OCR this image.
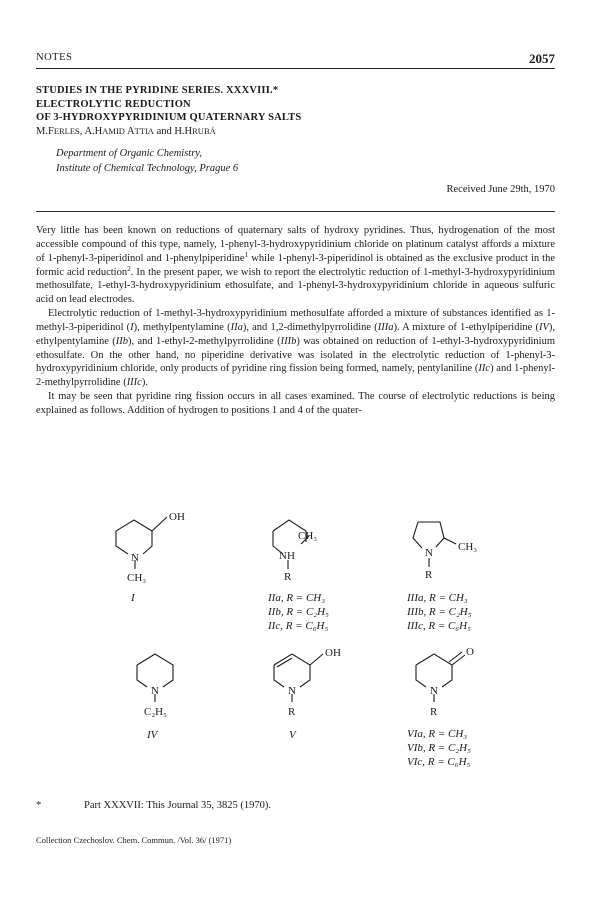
NOTES	2057
STUDIES IN THE PYRIDINE SERIES. XXXVIII.*
ELECTROLYTIC REDUCTION
OF 3-HYDROXYPYRIDINIUM QUATERNARY SALTS
M.FERLES, A.HAMID ATTIA and H.HRUBÁ
Department of Organic Chemistry,
Institute of Chemical Technology, Prague 6
Received June 29th, 1970

Very little has been known on reductions of quaternary salts of hydroxy pyridines. Thus, hydrogenation of the most accessible compound of this type, namely, 1-phenyl-3-hydroxypyridinium chloride on platinum catalyst affords a mixture of 1-phenyl-3-piperidinol and 1-phenylpiperidine$^1$ while 1-phenyl-3-piperidinol is obtained as the exclusive product in the formic acid reduction$^2$. In the present paper, we wish to report the electrolytic reduction of 1-methyl-3-hydroxypyridinium methosulfate, 1-ethyl-3-hydroxypyridinium ethosulfate, and 1-phenyl-3-hydroxypyridinium chloride in aqueous sulfuric acid on lead electrodes.

Electrolytic reduction of 1-methyl-3-hydroxypyridinium methosulfate afforded a mixture of substances identified as 1-methyl-3-piperidinol (I), methylpentylamine (IIa), and 1,2-dimethylpyrrolidine (IIIa). A mixture of 1-ethylpiperidine (IV), ethylpentylamine (IIb), and 1-ethyl-2-methylpyrrolidine (IIIb) was obtained on reduction of 1-ethyl-3-hydroxypyridinium ethosulfate. On the other hand, no piperidine derivative was isolated in the electrolytic reduction of 1-phenyl-3-hydroxypyridinium chloride, only products of pyridine ring fission being formed, namely, pentylaniline (IIc) and 1-phenyl-2-methylpyrrolidine (IIIc).

It may be seen that pyridine ring fission occurs in all cases examined. The course of electrolytic reductions is being explained as follows. Addition of hydrogen to positions 1 and 4 of the quater-

OH
N
CH₃
I
NH
CH₃
R
IIa, R = CH₃
IIb, R = C₂H₅
IIc, R = C₆H₅
N CH₃
R
IIIa, R = CH₃
IIIb, R = C₂H₅
IIIc, R = C₆H₅
N
C₂H₅
IV
OH
N
R
V
O
N
R
VIa, R = CH₃
VIb, R = C₂H₅
VIc, R = C₆H₅
*	Part XXXVII: This Journal 35, 3825 (1970).
Collection Czechoslov. Chem. Commun. /Vol. 36/ (1971)
